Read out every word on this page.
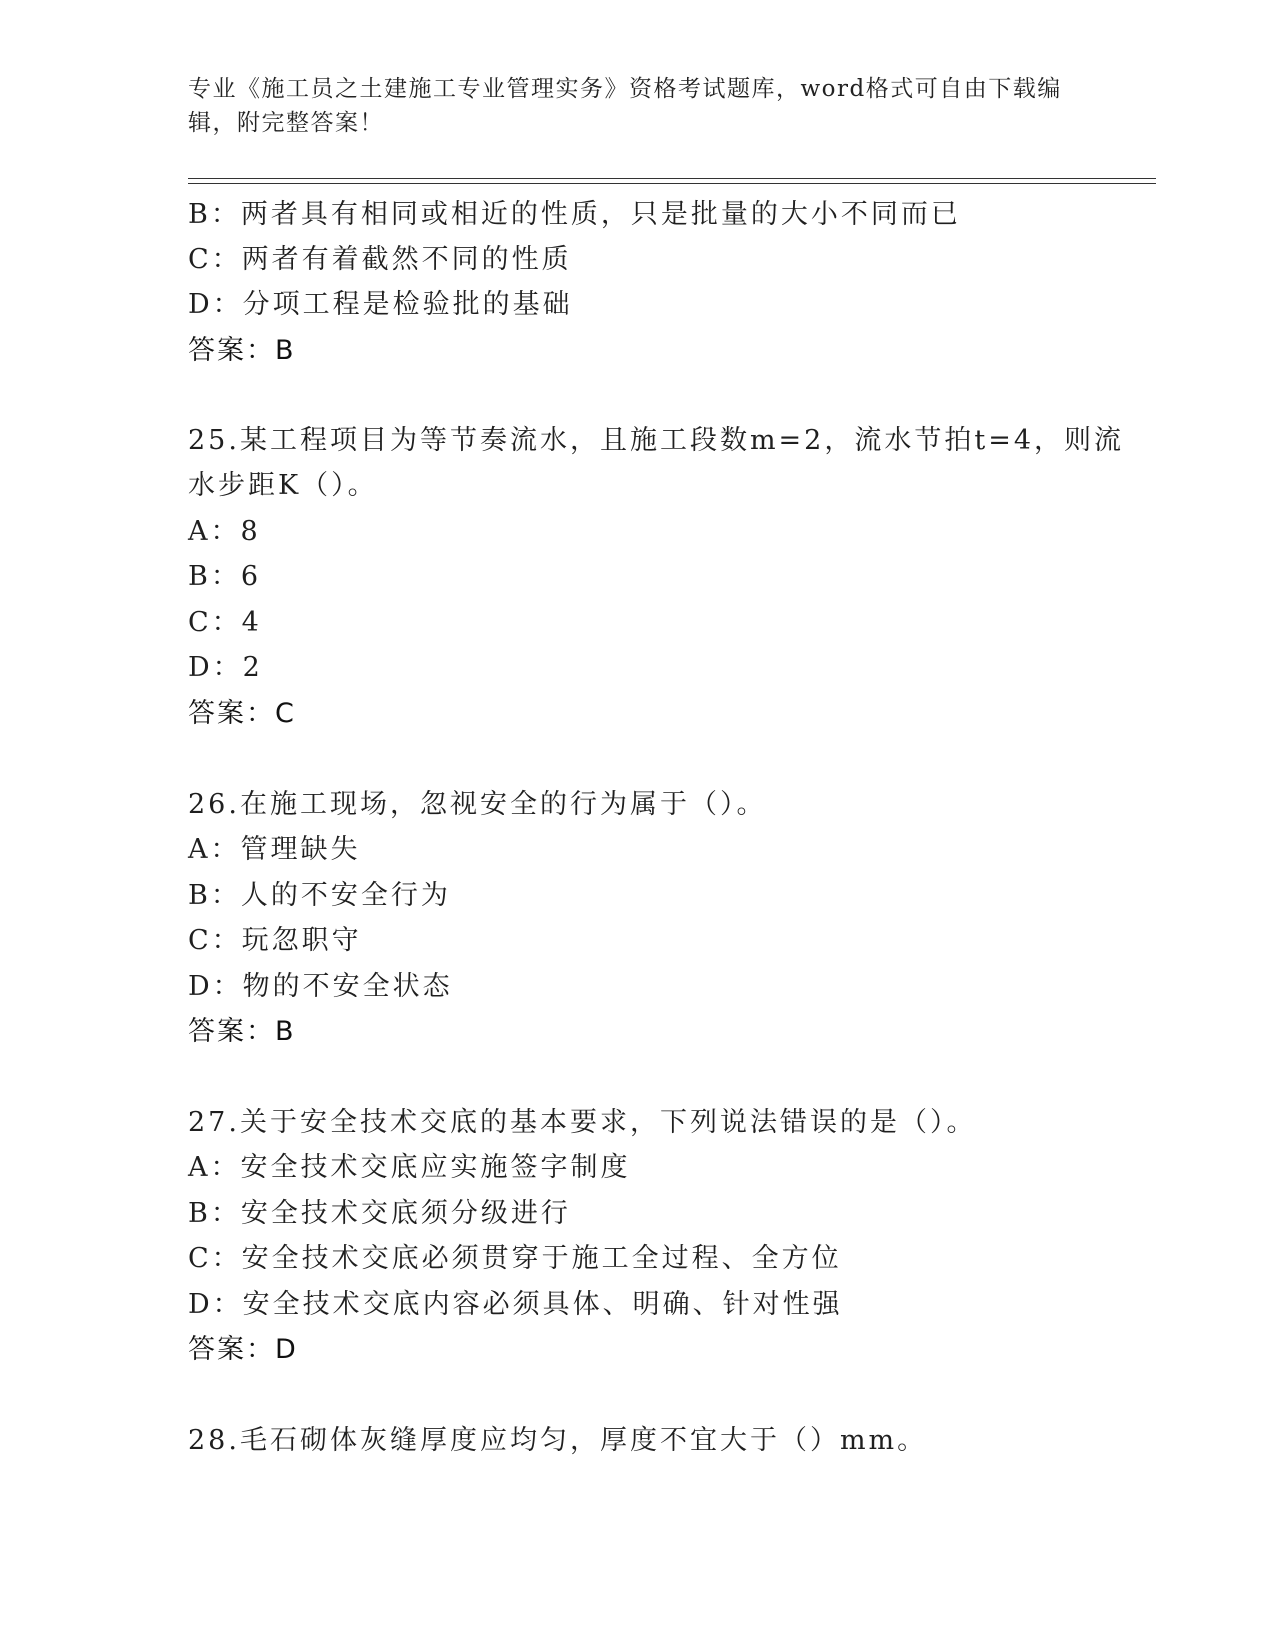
专业《施工员之土建施工专业管理实务》资格考试题库，word格式可自由下载编
辑，附完整答案！
B：两者具有相同或相近的性质，只是批量的大小不同而已
C：两者有着截然不同的性质
D：分项工程是检验批的基础
答案：B
25.某工程项目为等节奏流水，且施工段数m=2，流水节拍t=4，则流
水步距K（）。
A：8
B：6
C：4
D：2
答案：C
26.在施工现场，忽视安全的行为属于（）。
A：管理缺失
B：人的不安全行为
C：玩忽职守
D：物的不安全状态
答案：B
27.关于安全技术交底的基本要求，下列说法错误的是（）。
A：安全技术交底应实施签字制度
B：安全技术交底须分级进行
C：安全技术交底必须贯穿于施工全过程、全方位
D：安全技术交底内容必须具体、明确、针对性强
答案：D
28.毛石砌体灰缝厚度应均匀，厚度不宜大于（）mm。
